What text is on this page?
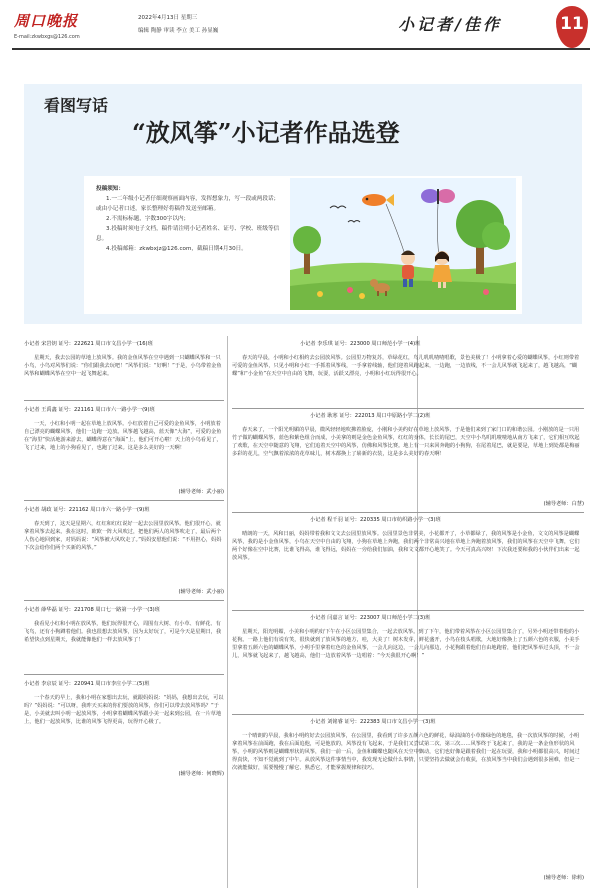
周口晚报
E-mail:zkwbxgs@126.com
2022年4月13日 星期三
编辑 陶静 审读 李立 美工 孙显巍	小记者/佳作	11
看图写话
“放风筝”小记者作品选登
投稿须知：
1.一二年级小记者仔细观察画面内容，发挥想象力，写一段或两段话；或由小记者口述，家长整理好将稿件发送至邮箱。
2.不需标标题，字数300字以内；
3.投稿时须电子文档，稿件请注明小记者姓名、证号、学校、班级等信息。
4.投稿邮箱：zkwbxjz@126.com，截稿日期4月30日。
小记者 宋岩钥 证号：222621 周口市文昌小学一(16)班
星期天，我去公园的草地上放风筝。我的金鱼风筝在空中遇到一只蝴蝶风筝和一只小鸟，小鸟对风筝们说：“你们跟我去玩吧！”风筝们说：“好啊！”于是，小鸟带着金鱼风筝和蝴蝶风筝在空中一起飞舞起来。
小记者 王禹鑫 证号：221161 周口市六一路小学一(9)班
一天，小红和小明一起在草地上放风筝。小红放着自己可爱的金鱼风筝，小明放着自己漂亮的蝴蝶风筝，他们一边跑一边放。风筝越飞越高，蓝天像“大海”，可爱的金鱼在“海里”快活地游来游去，蝴蝶得意在“海面”上，他们可开心啦！天上的小鸟看见了，飞了过来，地上的小狗看见了，也跑了过来。这是多么美好的一天啊！
(辅导老师：武小丽)
小记者 胡政 证号：221162 周口市六一路小学一(9)班
春天到了，这天是星期六，红红和红红说好一起去公园里放风筝。他们很开心，就拿着风筝去起来。我在这时，欧欧一阵大风吹过，把他们两人的风筝吹走了，最后两个人伤心地回到家，对妈妈说：“风筝被大风吹走了。”妈妈安慰他们说：“不用担心，妈妈下次会给你们两个买新的风筝。”
(辅导老师：武小丽)
小记者 薛华磊 证号：221708 周口七一路第一小学一(3)班
我看见小红和小明在放风筝，他们玩得很开心，周围有大树、有小草、有鲜花、有飞鸟，还有小狗蹲着他们。我也很想去放风筝，因为太好玩了，可是今天是星期日，我希望快点到星期天，我就能像他们一样去放风筝了！
小记者 李京辰 证号：220941 周口市李庄小学二(5)班
一个春天的早上，我和小明在家想出去玩，就跟妈妈说：“妈妈，我想出去玩，可以吗？”妈妈说：“可以呀，我昨天买来的你们要放的风筝，你们可以带去放风筝吗？”于是，小美就去叫小明一起放风筝，小明拿着蝴蝶风筝跟小美一起来到公园，在一片草地上，他们一起放风筝，比谁的风筝飞得更高，玩得开心极了。
(辅导老师：何晓辉)
小记者 李乐琪 证号：223000 周口师范小学一(4)班
春天的早晨，小明和小红相约去公园放风筝。公园里万物复苏，草绿花红，鸟儿叽叽喳喳唱歌，景色美极了！小明拿着心爱的蝴蝶风筝，小红则带着可爱的金鱼风筝，只见小明和小红一手抓着风筝线，一手拿着线轴，他们迎着风跑起来，一边跑，一边放线，不一会儿风筝就飞起来了，越飞越高，“蝴蝶”和“小金鱼”在天空中自由的飞舞，玩耍，活跃又漂亮，小明和小红玩得很开心。
小记者 耿寒 证号：222013 周口中原路小学二(2)班
春天来了，一个阳光明媚的早晨，微风轻轻地吹拂着脸庞，小刚和小美约好在草地上放风筝，于是他们来到了家门口的和谐公园。小刚放的是一只用竹子做的蝴蝶风筝，蓝色和紫色组合而成，小美拿的则是金色金鱼风筝，红红的身体，长长的尾巴，天空中小鸟叽叽喳喳地从南方飞来了，它们相互吹起了欢歌，在天空中随意的飞翔，它们追着天空中的风筝，仿佛和风筝比赛。地上有一只来回奔跑的小狗狗，在尾着尾巴，就是要是，草地上到处都是梅丽多彩的花儿，空气飘着浓浓的花草味儿，树木都换上了崭新的衣装，这是多么美好的春天啊！
(辅导老师：白慧)
小记者 程千羽 证号：220335 周口市纺织路小学一(3)班
晴朗的一天，风和日丽，妈妈带着我和文文去公园里放风筝。公园里景色非常美，小花都开了，小草都绿了，我的风筝是小金鱼，文文的风筝是蝴蝶风筝，我的是小金鱼风筝，小鸟在天空中自由的飞翔，小狗在草地上奔跑，我们两个非常高兴地在草地上奔跑着放风筝，我们的风筝在天空中飞舞，它们两个好像在空中比赛，比谁飞得高，谁飞得远，妈妈在一旁给我们加油，我和文文都开心地笑了。今天可真高兴呀！下次我还要和我的小伙伴们出来一起放风筝。
小记者 闫嘉言 证号：223007 周口师范小学二(3)班
星期天，阳光明媚，小美和小明约好下午在小区公园里集合，一起去放风筝。到了下午，他们带着风筝在小区公园里集合了，另外小明还带着他的小花狗。一路上他们有说有笑，很快就到了放风筝的地方，哇，大美了！树木发芽，鲜花盛开，小鸟在枝头唱歌，大地好像换上了五颜六色的衣服，小美手里拿着五颜六色的蝴蝶风筝，小明手里拿着红色的金鱼风筝，一会儿向这边，一会儿向那边，小花狗跟着他们自由地跑着，他们把风筝举过头顶，不一会儿，风筝就飞起来了，越飞越高，他们一边放着风筝一边唱着：“今天我很开心啊！”
小记者 刘铭睿 证号：222383 周口市文昌小学一(3)班
一个晴朗的早晨，我和小明约好去公园放风筝，在公园里，我看到了许多五颜六色的鲜花，绿油油的小草像绿色的地毯，我一次放风筝的时候，小明拿着风筝在前面跑，我在后面追他，可是他放的，风筝没有飞起来，于是我们又尝试第二次、第三次……风筝终于飞起来了，我的是一条金鱼形状的风筝，小明的风筝则是蝴蝶形状的风筝，我们一前一后，金鱼和蝴蝶也随风在天空中飘动，它们也好像是跟着我们一起在玩耍，我和小明都很高兴，时间过得真快，不知不觉就到了中午。从放风筝这件事情当中，我发现无论做什么事情，只要坚持去做就会有收获，在放风筝当中我们会遇到很多困难，但是一次就能做好，需要慢慢了解它、熟悉它，才能掌握规律和技巧。
(辅导老师：徐莉)
